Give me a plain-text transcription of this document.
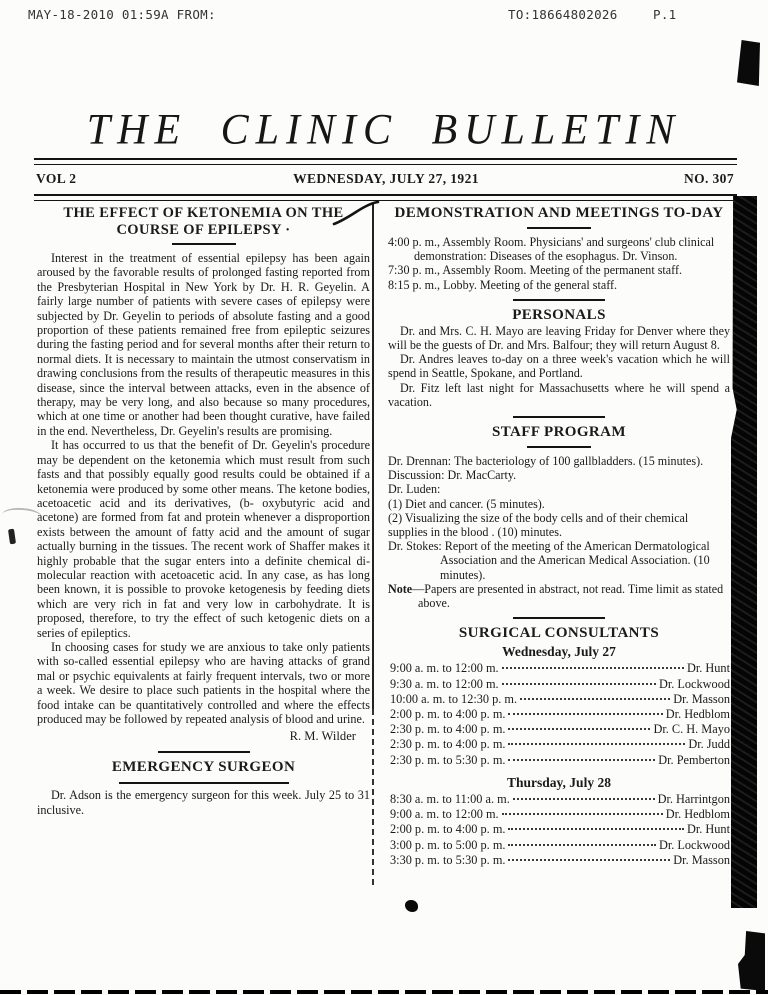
MAY-18-2010 01:59A FROM:	TO:18664802026	P.1
THE CLINIC BULLETIN
VOL 2	WEDNESDAY, JULY 27, 1921	NO. 307
THE EFFECT OF KETONEMIA ON THE
COURSE OF EPILEPSY ·

Interest in the treatment of essential epilepsy has been again aroused by the favorable results of prolonged fasting reported from the Presbyterian Hospital in New York by Dr. H. R. Geyelin. A fairly large number of patients with severe cases of epilepsy were subjected by Dr. Geyelin to periods of absolute fasting and a good proportion of these patients remained free from epileptic seizures during the fasting period and for several months after their return to normal diets. It is necessary to maintain the utmost conservatism in drawing conclusions from the results of therapeutic measures in this disease, since the interval between attacks, even in the absence of therapy, may be very long, and also because so many procedures, which at one time or another had been thought curative, have failed in the end. Nevertheless, Dr. Geyelin's results are promising.

It has occurred to us that the benefit of Dr. Geyelin's procedure may be dependent on the ketonemia which must result from such fasts and that possibly equally good results could be obtained if a ketonemia were produced by some other means. The ketone bodies, acetoacetic acid and its derivatives, (b- oxybutyric acid and acetone) are formed from fat and protein whenever a disproportion exists between the amount of fatty acid and the amount of sugar actually burning in the tissues. The recent work of Shaffer makes it highly probable that the sugar enters into a definite chemical di-molecular reaction with acetoacetic acid. In any case, as has long been known, it is possible to provoke ketogenesis by feeding diets which are very rich in fat and very low in carbohydrate. It is proposed, therefore, to try the effect of such ketogenic diets on a series of epileptics.

In choosing cases for study we are anxious to take only patients with so-called essential epilepsy who are having attacks of grand mal or psychic equivalents at fairly frequent intervals, two or more a week. We desire to place such patients in the hospital where the food intake can be quantitatively controlled and where the effects produced may be followed by repeated analysis of blood and urine.

R. M. Wilder
EMERGENCY SURGEON

Dr. Adson is the emergency surgeon for this week. July 25 to 31 inclusive.

DEMONSTRATION AND MEETINGS TO-DAY

4:00 p. m., Assembly Room. Physicians' and surgeons' club clinical demonstration: Diseases of the esophagus. Dr. Vinson.

7:30 p. m., Assembly Room. Meeting of the permanent staff.

8:15 p. m., Lobby. Meeting of the general staff.

PERSONALS

Dr. and Mrs. C. H. Mayo are leaving Friday for Denver where they will be the guests of Dr. and Mrs. Balfour; they will return August 8.

Dr. Andres leaves to-day on a three week's vacation which he will spend in Seattle, Spokane, and Portland.

Dr. Fitz left last night for Massachusetts where he will spend a vacation.

STAFF PROGRAM

Dr. Drennan: The bacteriology of 100 gallbladders. (15 minutes).

Discussion: Dr. MacCarty.

Dr. Luden:

(1) Diet and cancer. (5 minutes).

(2) Visualizing the size of the body cells and of their chemical supplies in the blood . (10) minutes.

Dr. Stokes: Report of the meeting of the American Dermatological Association and the American Medical Association. (10 minutes).

Note—Papers are presented in abstract, not read. Time limit as stated above.

SURGICAL CONSULTANTS
Wednesday, July 27
9:00 a. m. to 12:00 m.	Dr. Hunt
9:30 a. m. to 12:00 m.	Dr. Lockwood
10:00 a. m. to 12:30 p. m.	Dr. Masson
2:00 p. m. to 4:00 p. m.	Dr. Hedblom
2:30 p. m. to 4:00 p. m.	Dr. C. H. Mayo
2:30 p. m. to 4:00 p. m.	Dr. Judd
2:30 p. m. to 5:30 p. m.	Dr. Pemberton
Thursday, July 28
8:30 a. m. to 11:00 a. m.	Dr. Harrintgon
9:00 a. m. to 12:00 m.	Dr. Hedblom
2:00 p. m. to 4:00 p. m.	Dr. Hunt
3:00 p. m. to 5:00 p. m.	Dr. Lockwood
3:30 p. m. to 5:30 p. m.	Dr. Masson
